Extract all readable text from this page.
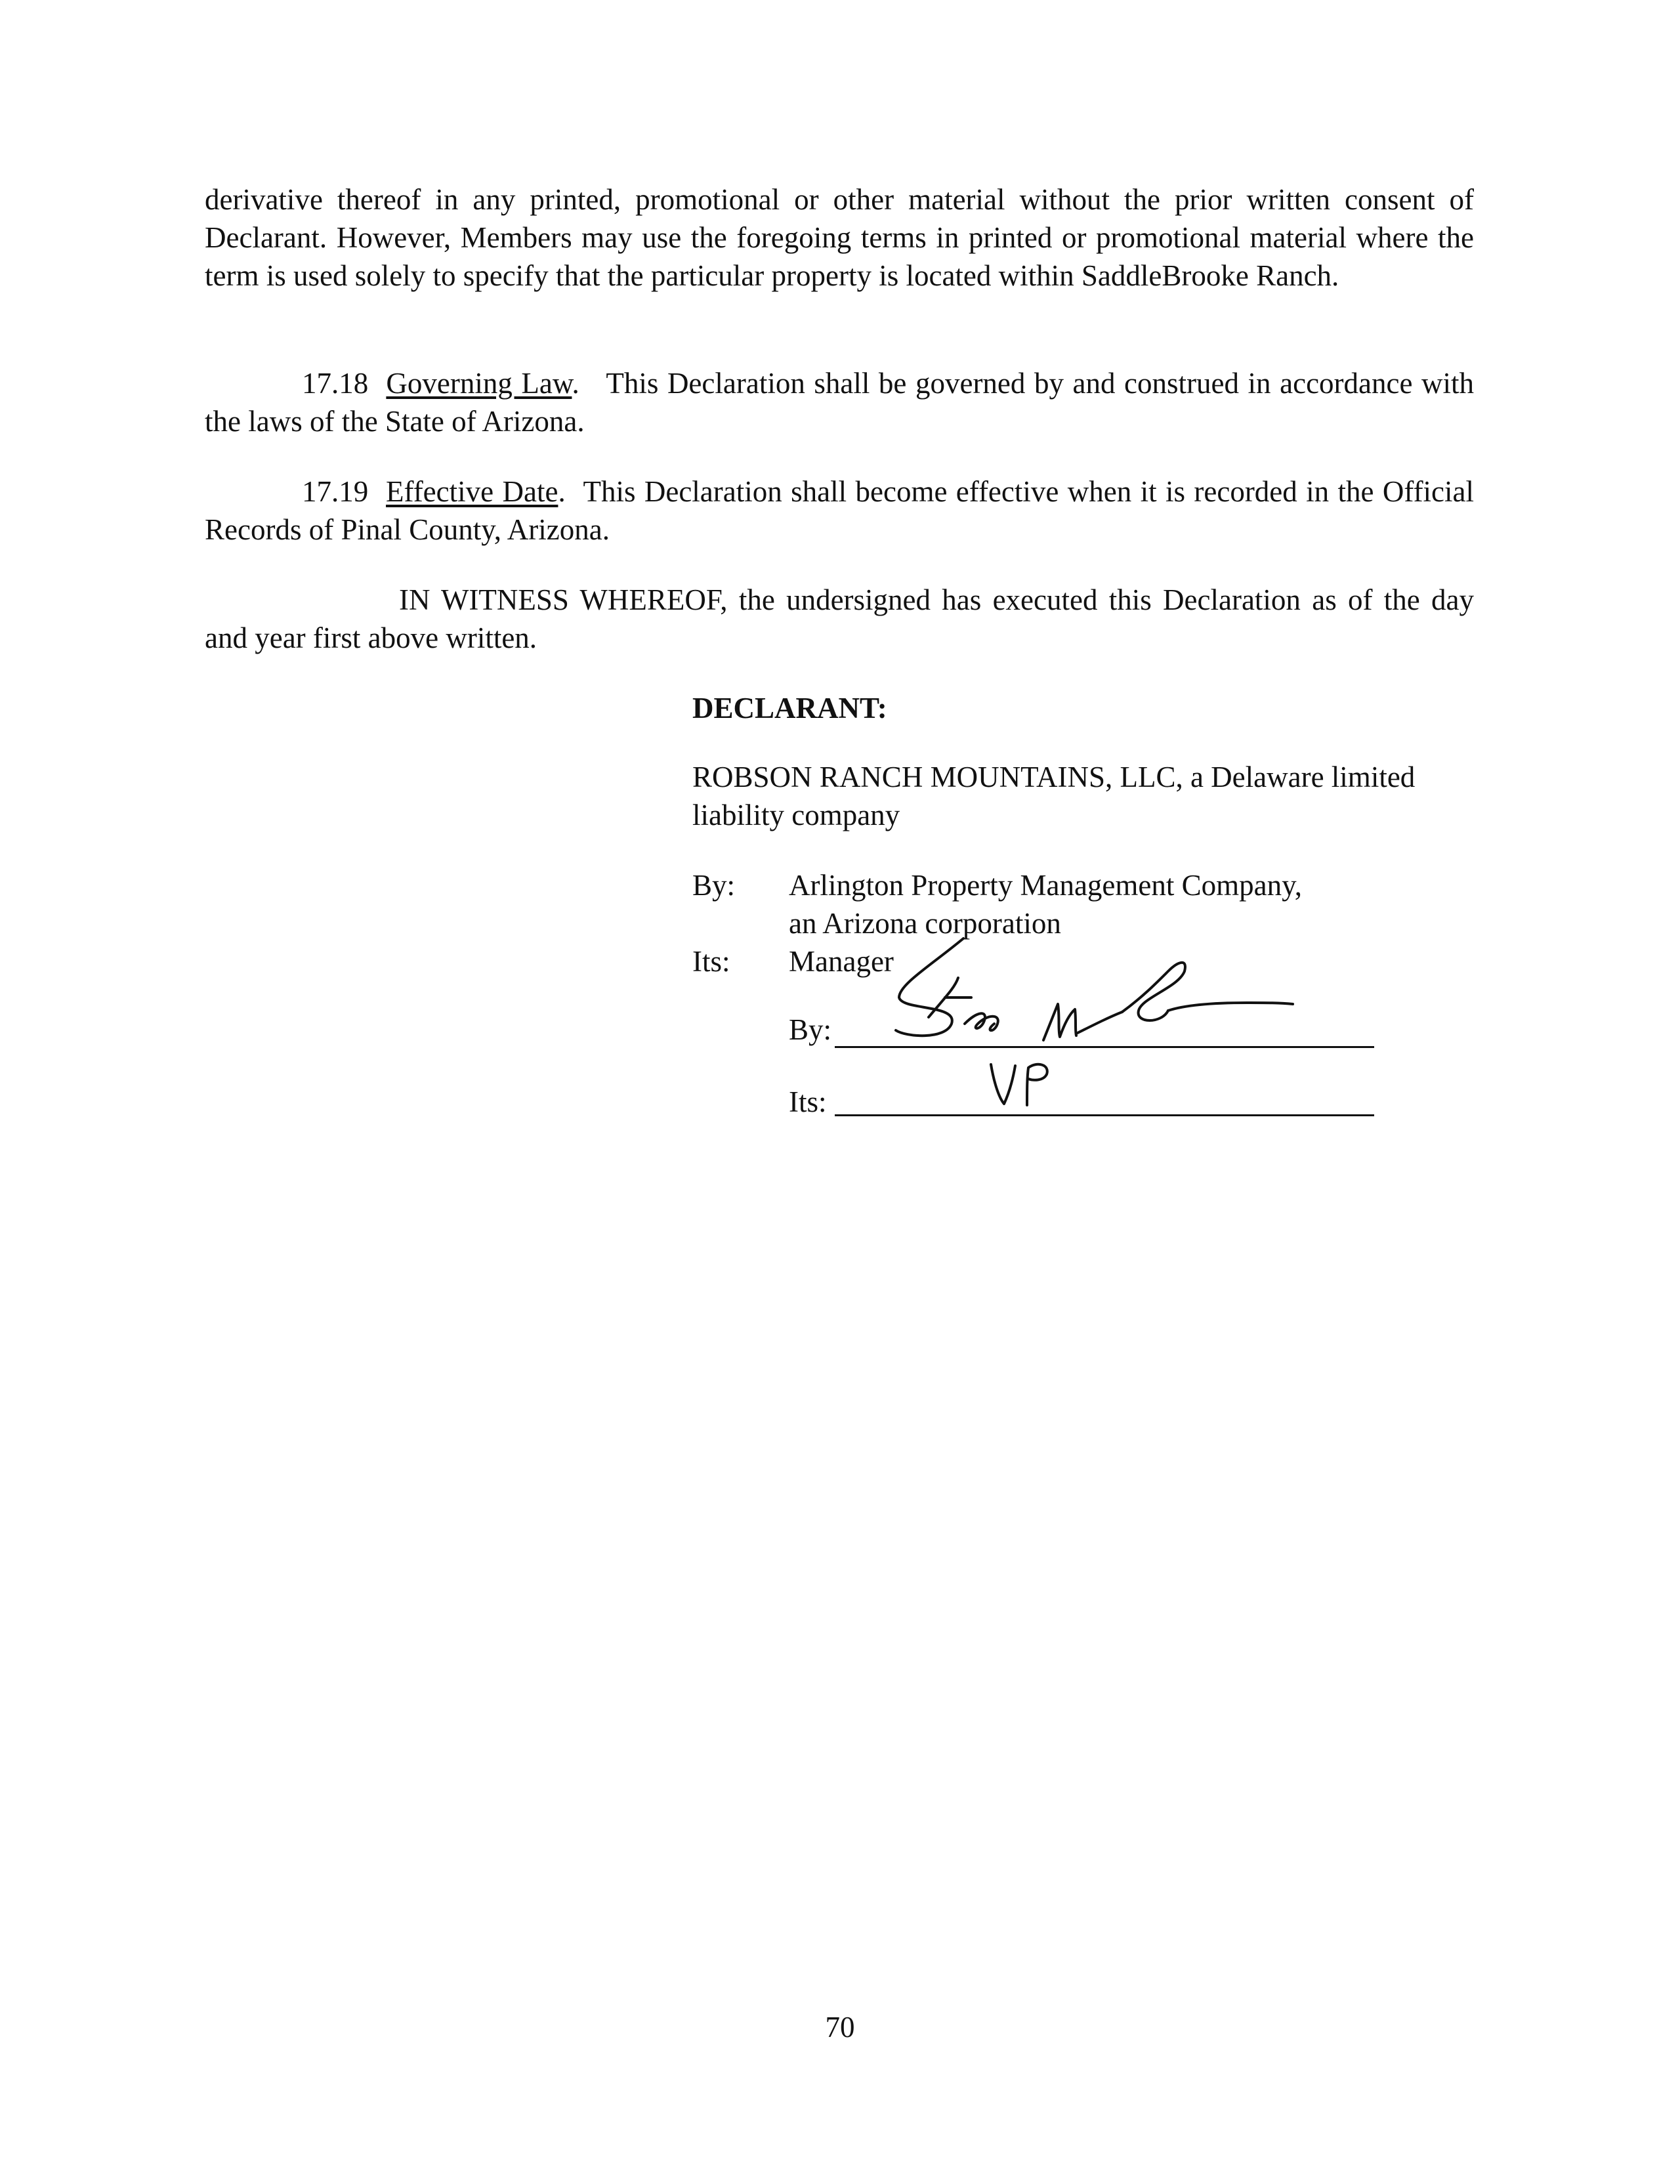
derivative thereof in any printed, promotional or other material without the prior written consent of Declarant. However, Members may use the foregoing terms in printed or promotional material where the term is used solely to specify that the particular property is located within SaddleBrooke Ranch.

17.18 Governing Law.   This Declaration shall be governed by and construed in accordance with the laws of the State of Arizona.

17.19 Effective Date.  This Declaration shall become effective when it is recorded in the Official Records of Pinal County, Arizona.

IN WITNESS WHEREOF, the undersigned has executed this Declaration as of the day and year first above written.

DECLARANT:
ROBSON RANCH MOUNTAINS, LLC, a Delaware limited liability company
By: Arlington Property Management Company,
an Arizona corporation
Its: Manager
By:
Its:
70
